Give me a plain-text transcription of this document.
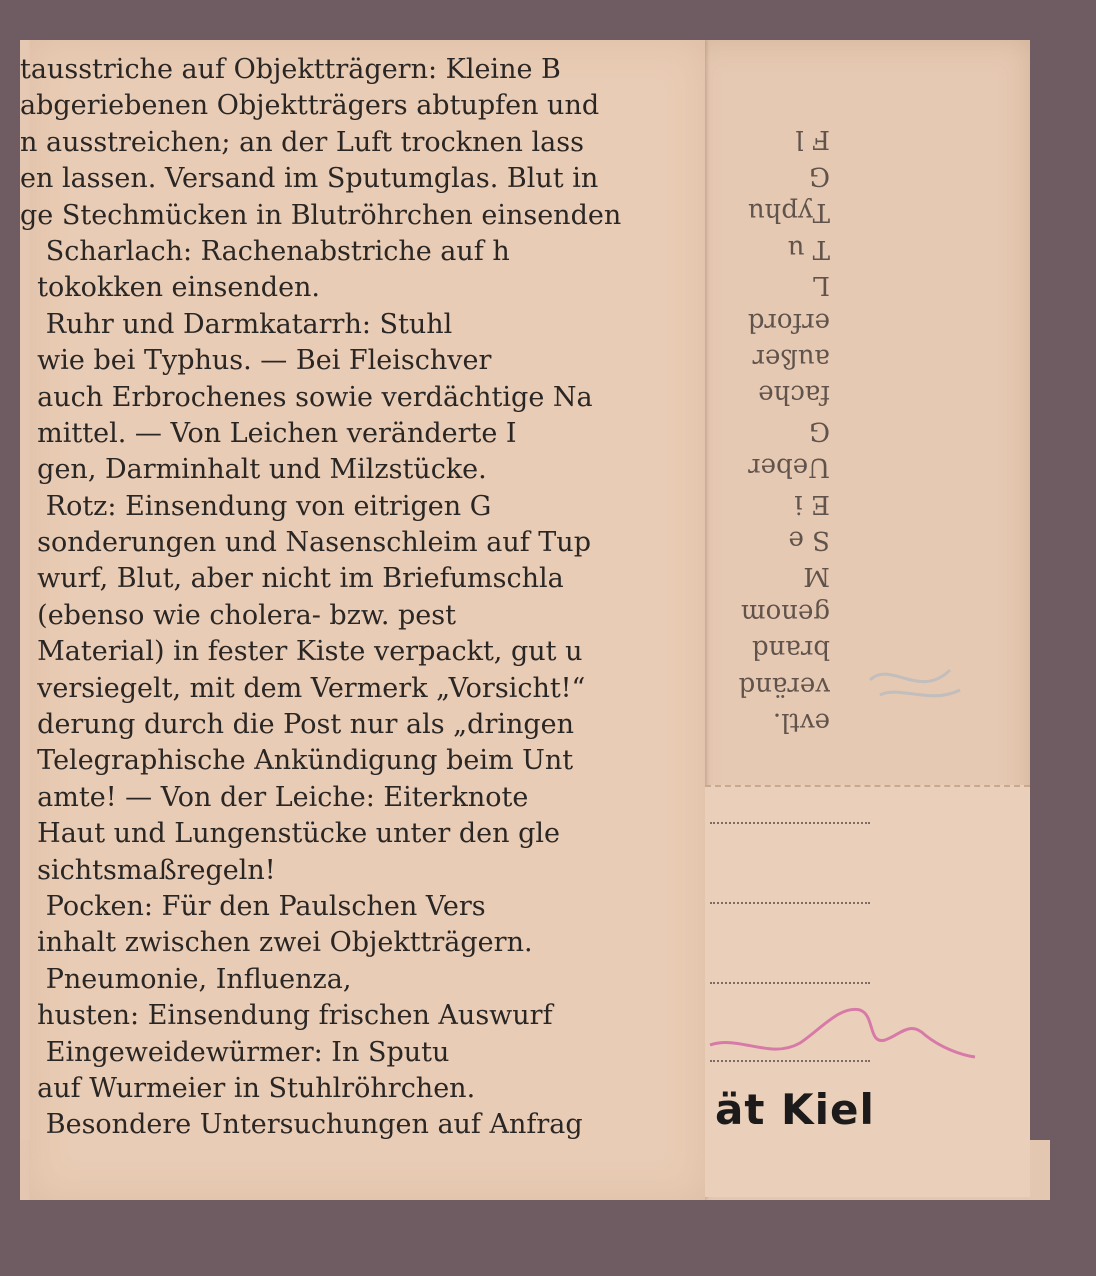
evtl.
veränd
brand
genom
M
S e
E i
Ueber
G
fache
außer
erford
L
T u
Typhu
G
F l
tausstriche auf Objektträgern: Kleine B
abgeriebenen Objektträgers abtupfen und
n ausstreichen; an der Luft trocknen lass
en lassen. Versand im Sputumglas. Blut in
ge Stechmücken in Blutröhrchen einsenden
Scharlach: Rachenabstriche auf h
tokokken einsenden.
Ruhr und Darmkatarrh: Stuhl
wie bei Typhus. — Bei Fleischver
auch Erbrochenes sowie verdächtige Na
mittel. — Von Leichen veränderte I
gen, Darminhalt und Milzstücke.
Rotz: Einsendung von eitrigen G
sonderungen und Nasenschleim auf Tup
wurf, Blut, aber nicht im Briefumschla
(ebenso wie cholera- bzw. pest
Material) in fester Kiste verpackt, gut u
versiegelt, mit dem Vermerk „Vorsicht!“
derung durch die Post nur als „dringen
Telegraphische Ankündigung beim Unt
amte! — Von der Leiche: Eiterknote
Haut und Lungenstücke unter den gle
sichtsmaßregeln!
Pocken: Für den Paulschen Vers
inhalt zwischen zwei Objektträgern.
Pneumonie, Influenza,
husten: Einsendung frischen Auswurf
Eingeweidewürmer: In Sputu
auf Wurmeier in Stuhlröhrchen.
Besondere Untersuchungen auf Anfrag	ät Kiel
